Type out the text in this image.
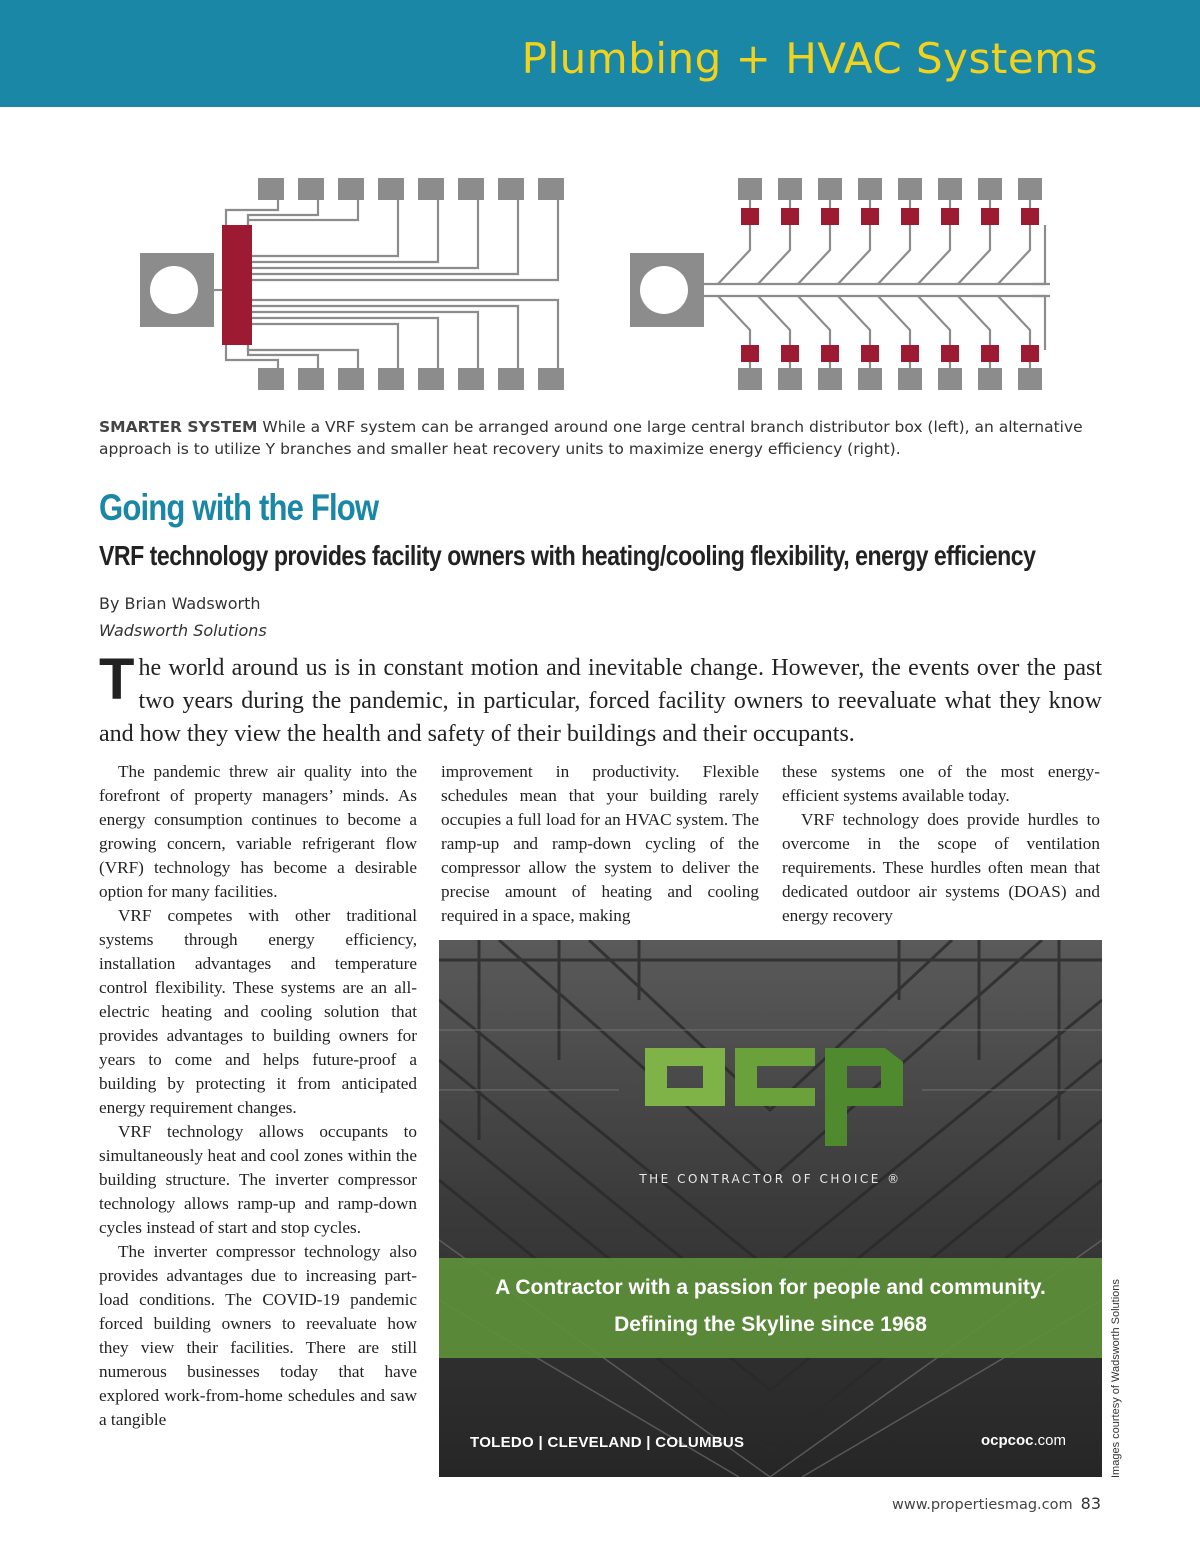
Plumbing + HVAC Systems
SMARTER SYSTEM While a VRF system can be arranged around one large central branch distributor box (left), an alternative approach is to utilize Y branches and smaller heat recovery units to maximize energy efficiency (right).
Going with the Flow
VRF technology provides facility owners with heating/cooling flexibility, energy efficiency
By Brian Wadsworth
Wadsworth Solutions
The world around us is in constant motion and inevitable change. However, the events over the past two years during the pandemic, in particular, forced facility owners to reevaluate what they know and how they view the health and safety of their buildings and their occupants.

The pandemic threw air quality into the forefront of property managers’ minds. As energy consumption continues to become a growing concern, variable refrigerant flow (VRF) technology has become a desirable option for many facilities.

VRF competes with other traditional systems through energy efficiency, installation advantages and temperature control flexibility. These systems are an all-electric heating and cooling solution that provides advantages to building owners for years to come and helps future-proof a building by protecting it from anticipated energy requirement changes.

VRF technology allows occupants to simultaneously heat and cool zones within the building structure. The inverter compressor technology allows ramp-up and ramp-down cycles instead of start and stop cycles.

The inverter compressor technology also provides advantages due to increasing part-load conditions. The COVID-19 pandemic forced building owners to reevaluate how they view their facilities. There are still numerous businesses today that have explored work-from-home schedules and saw a tangible

improvement in productivity. Flexible schedules mean that your building rarely occupies a full load for an HVAC system. The ramp-up and ramp-down cycling of the compressor allow the system to deliver the precise amount of heating and cooling required in a space, making

these systems one of the most energy-efficient systems available today.

VRF technology does provide hurdles to overcome in the scope of ventilation requirements. These hurdles often mean that dedicated outdoor air systems (DOAS) and energy recovery

THE CONTRACTOR OF CHOICE ®
A Contractor with a passion for people and community.
Defining the Skyline since 1968
TOLEDO | CLEVELAND | COLUMBUS	ocpcoc.com	Images courtesy of Wadsworth Solutions
www.propertiesmag.com 83
